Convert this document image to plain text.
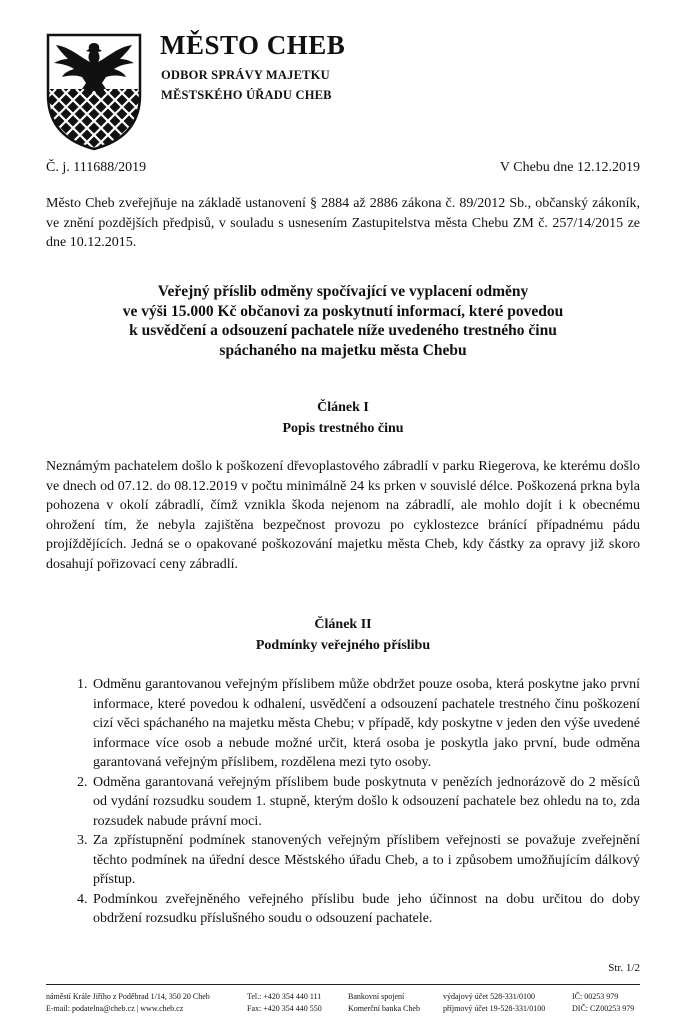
MĚSTO CHEB
ODBOR SPRÁVY MAJETKU
MĚSTSKÉHO ÚŘADU CHEB
Č. j. 111688/2019	V Chebu dne 12.12.2019
Město Cheb zveřejňuje na základě ustanovení § 2884 až 2886 zákona č. 89/2012 Sb., občanský zákoník, ve znění pozdějších předpisů, v souladu s usnesením Zastupitelstva města Chebu ZM č. 257/14/2015 ze dne 10.12.2015.
Veřejný příslib odměny spočívající ve vyplacení odměny
ve výši 15.000 Kč občanovi za poskytnutí informací, které povedou
k usvědčení a odsouzení pachatele níže uvedeného trestného činu
spáchaného na majetku města Chebu
Článek I
Popis trestného činu
Neznámým pachatelem došlo k poškození dřevoplastového zábradlí v parku Riegerova, ke kterému došlo ve dnech od 07.12. do 08.12.2019 v počtu minimálně 24 ks prken v souvislé délce. Poškozená prkna byla pohozena v okolí zábradlí, čímž vznikla škoda nejenom na zábradlí, ale mohlo dojít i k obecnému ohrožení tím, že nebyla zajištěna bezpečnost provozu po cyklostezce bránící případnému pádu projíždějících. Jedná se o opakované poškozování majetku města Cheb, kdy částky za opravy již skoro dosahují pořizovací ceny zábradlí.
Článek II
Podmínky veřejného příslibu
1. Odměnu garantovanou veřejným příslibem může obdržet pouze osoba, která poskytne jako první informace, které povedou k odhalení, usvědčení a odsouzení pachatele trestného činu poškození cizí věci spáchaného na majetku města Chebu; v případě, kdy poskytne v jeden den výše uvedené informace více osob a nebude možné určit, která osoba je poskytla jako první, bude odměna garantovaná veřejným příslibem, rozdělena mezi tyto osoby.
2. Odměna garantovaná veřejným příslibem bude poskytnuta v penězích jednorázově do 2 měsíců od vydání rozsudku soudem 1. stupně, kterým došlo k odsouzení pachatele bez ohledu na to, zda rozsudek nabude právní moci.
3. Za zpřístupnění podmínek stanovených veřejným příslibem veřejnosti se považuje zveřejnění těchto podmínek na úřední desce Městského úřadu Cheb, a to i způsobem umožňujícím dálkový přístup.
4. Podmínkou zveřejněného veřejného příslibu bude jeho účinnost na dobu určitou do doby obdržení rozsudku příslušného soudu o odsouzení pachatele.
Str. 1/2
náměstí Krále Jiřího z Poděbrad 1/14, 350 20 Cheb
E-mail: podatelna@cheb.cz | www.cheb.cz
Tel.: +420 354 440 111
Fax: +420 354 440 550
Bankovní spojení
Komerční banka Cheb
výdajový účet 528-331/0100
příjmový účet 19-528-331/0100
IČ: 00253 979
DIČ: CZ00253 979
